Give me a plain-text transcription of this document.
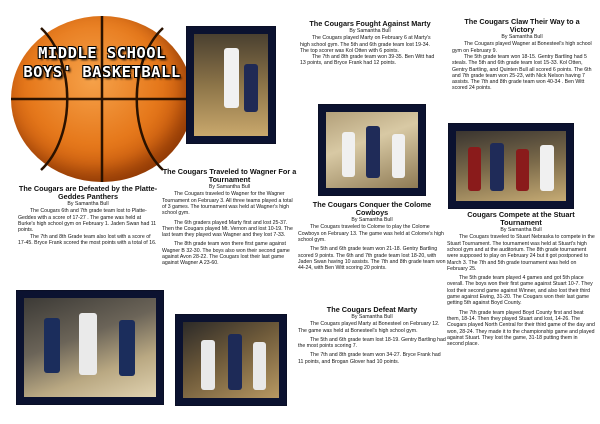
MIDDLE SCHOOL BOYS' BASKETBALL

The Cougars are Defeated by the Platte-Geddes Panthers

By Samantha Bull

The Cougars 6th and 7th grade team lost to Platte-Geddes with a score of 17-27 . The game was held at Burke's high school gym on February 1. Jaden Swan had 11 points.

The 7th and 8th Grade team also lost with a score of 17-45. Bryce Frank scored the most points with a total of 16.

The Cougars Traveled to Wagner For a Tournament

By Samantha Bull

The Cougars traveled to Wagner for the Wagner Tournament on February 3. All three teams played a total of 3 games. The tournament was held at Wagner's high school gym.

The 6th graders played Marty first and lost 25-37. Then the Cougars played Mt. Vernon and lost 10-19. The last team they played was Wagner and they lost 7-33.

The 8th grade team won there first game against Wagner B 32-30. The boys also won their second game against Avon 28-22. The Cougars lost their last game against Wagner A 23-60.

The Cougars Fought Against Marty

By Samantha Bull

The Cougars played Marty on February 6 at Marty's high school gym. The 5th and 6th grade team lost 19-34. The top scorer was Kol Otten with 6 points.

The 7th and 8th grade team won 39-35. Ben Witt had 13 points, and Bryce Frank had 12 points.

The Cougars Conquer the Colome Cowboys

By Samantha Bull

The Cougars traveled to Colome to play the Colome Cowboys on February 13. The game was held at Colome's high school gym.

The 5th and 6th grade team won 21-18. Gentry Bartling scored 9 points. The 6th and 7th grade team lost 18-20, with Jaden Swan having 10 assists. The 7th and 8th grade team won 44-24, with Ben Witt scoring 20 points.

The Cougars Defeat Marty

By Samantha Bull

The Cougars played Marty at Bonesteel on February 12. The game was held at Bonesteel's high school gym.

The 5th and 6th grade team lost 18-19. Gentry Bartling had the most points scoring 7.

The 7th and 8th grade team won 34-27. Bryce Frank had 11 points, and Brogan Glover had 10 points.

The Cougars Claw Their Way to a Victory

By Samantha Bull

The Cougars played Wagner at Bonesteel's high school gym on February 9.

The 5th grade team won 18-15. Gentry Bartling had 5 steals. The 5th and 6th grade team lost 15-33. Kol Otten, Gentry Bartling, and Quinten Bull all scored 6 points. The 6th and 7th grade team won 25-23, with Nick Nelson having 7 assists. The 7th and 8th grade team won 40-34 . Ben Witt scored 24 points.

Cougars Compete at the Stuart Tournament

By Samantha Bull

The Cougars traveled to Stuart Nebraska to compete in the Stuart Tournament. The tournament was held at Stuart's high school gym and at the auditorium. The 8th grade tournament were supposed to play on February 24 but it got postponed to March 3. The 7th and 5th grade tournament was held on February 25.

The 5th grade team played 4 games and got 5th place overall. The boys won their first game against Stuart 10-7. They lost their second game against Winner, and also lost their third game against Ewing, 31-20. The Cougars won their last game getting 5th against Boyd County.

The 7th grade team played Boyd County first and beat them, 18-14. Then they played Stuart and lost, 14-26. The Cougars played North Central for their third game of the day and won, 28-24. They made it to the championship game and played against Stuart. They lost the game, 31-18 putting them in second place.
